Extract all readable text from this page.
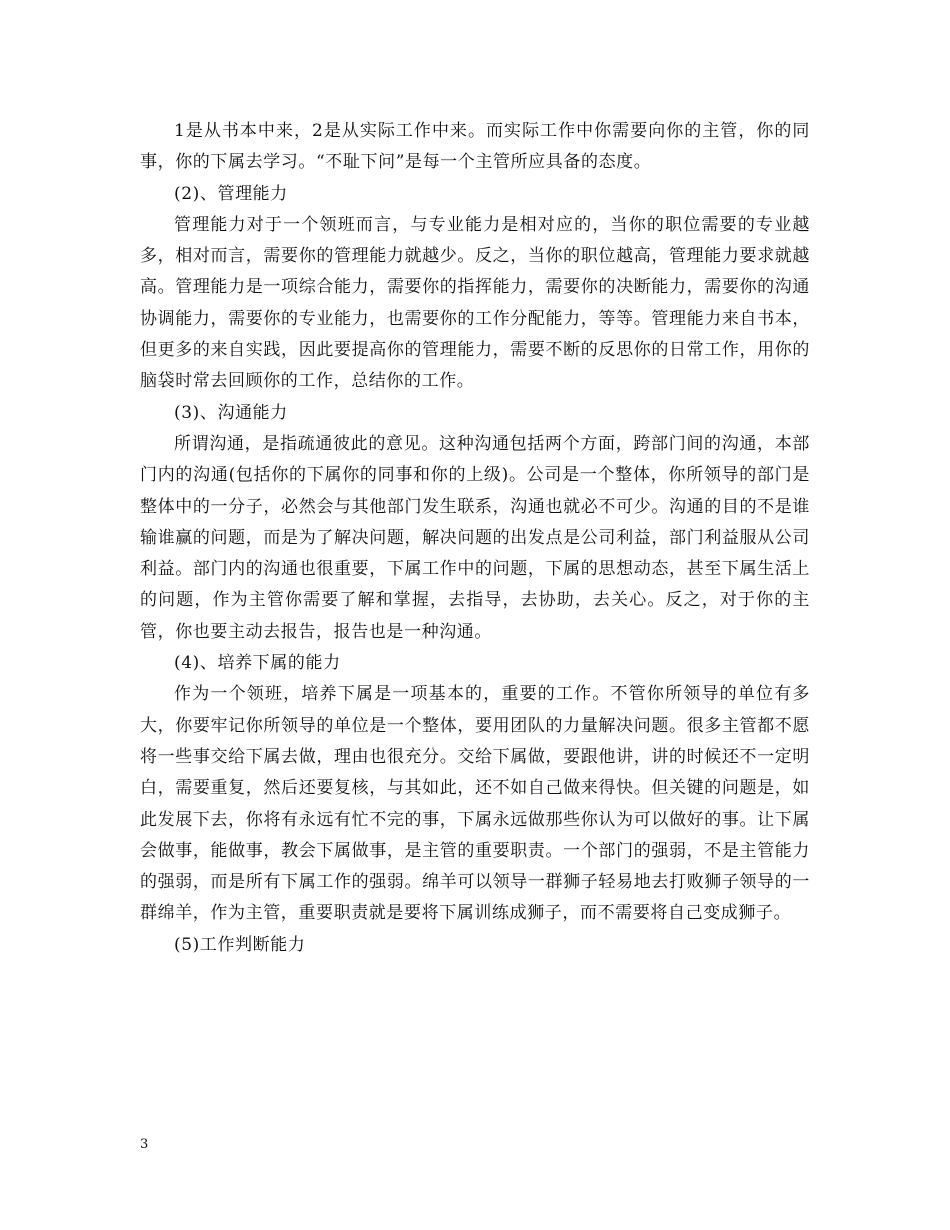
1是从书本中来，2是从实际工作中来。而实际工作中你需要向你的主管，你的同事，你的下属去学习。“不耻下问”是每一个主管所应具备的态度。

(2)、管理能力

管理能力对于一个领班而言，与专业能力是相对应的，当你的职位需要的专业越多，相对而言，需要你的管理能力就越少。反之，当你的职位越高，管理能力要求就越高。管理能力是一项综合能力，需要你的指挥能力，需要你的决断能力，需要你的沟通协调能力，需要你的专业能力，也需要你的工作分配能力，等等。管理能力来自书本，但更多的来自实践，因此要提高你的管理能力，需要不断的反思你的日常工作，用你的脑袋时常去回顾你的工作，总结你的工作。

(3)、沟通能力

所谓沟通，是指疏通彼此的意见。这种沟通包括两个方面，跨部门间的沟通，本部门内的沟通(包括你的下属你的同事和你的上级)。公司是一个整体，你所领导的部门是整体中的一分子，必然会与其他部门发生联系，沟通也就必不可少。沟通的目的不是谁输谁赢的问题，而是为了解决问题，解决问题的出发点是公司利益，部门利益服从公司利益。部门内的沟通也很重要，下属工作中的问题，下属的思想动态，甚至下属生活上的问题，作为主管你需要了解和掌握，去指导，去协助，去关心。反之，对于你的主管，你也要主动去报告，报告也是一种沟通。

(4)、培养下属的能力

作为一个领班，培养下属是一项基本的，重要的工作。不管你所领导的单位有多大，你要牢记你所领导的单位是一个整体，要用团队的力量解决问题。很多主管都不愿将一些事交给下属去做，理由也很充分。交给下属做，要跟他讲，讲的时候还不一定明白，需要重复，然后还要复核，与其如此，还不如自己做来得快。但关键的问题是，如此发展下去，你将有永远有忙不完的事，下属永远做那些你认为可以做好的事。让下属会做事，能做事，教会下属做事，是主管的重要职责。一个部门的强弱，不是主管能力的强弱，而是所有下属工作的强弱。绵羊可以领导一群狮子轻易地去打败狮子领导的一群绵羊，作为主管，重要职责就是要将下属训练成狮子，而不需要将自己变成狮子。

(5)工作判断能力

3
